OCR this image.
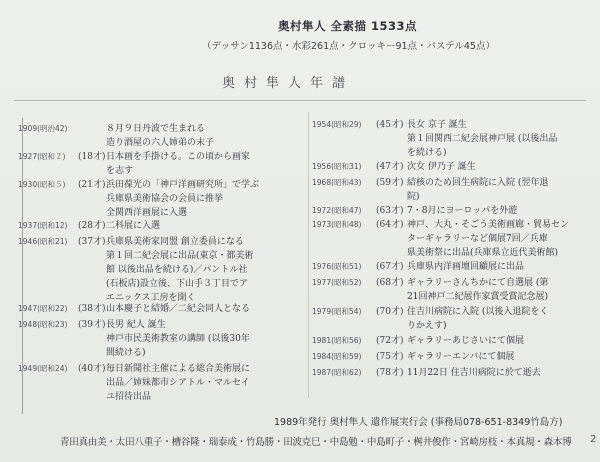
奥村隼人 全素描 1533点
（デッサン1136点・水彩261点・クロッキー91点・パステル45点）
奥村隼人年譜
1909(明治42)	８月９日丹波で生まれる
造り酒屋の六人姉弟の末子
1927(昭和２) (18才) 日本画を手掛ける。この頃から画家
を志す
1930(昭和５) (21才) 浜田葆光の「神戸洋画研究所」で学ぶ
兵庫県美術協会の会員に推挙
全関西洋画展に入選
1937(昭和12) (28才) 二科展に入選
1946(昭和21) (37才) 兵庫県美術家同盟 創立委員になる
第１回二紀会展に出品(東京・都美術
館 以後出品を続ける)／パントル社
(石板店)設立後、下山手３丁目でア
エニックス工房を開く
1947(昭和22) (38才) 山本慶子と結婚／二紀会同人となる
1948(昭和23) (39才) 長男 紀人 誕生
神戸市民美術教室の講師 (以後30年
間続ける)
1949(昭和24) (40才) 毎日新聞社主催による総合美術展に
出品／姉妹都市シアトル・マルセイ
ユ招待出品
1954(昭和29) (45才) 長女 京子 誕生
第１回関西二紀会展神戸展 (以後出品
を続ける)
1956(昭和31) (47才) 次女 伊乃子 誕生
1968(昭和43) (59才) 結核のため回生病院に入院 (翌年退
院)
1972(昭和47) (63才) 7・8月にヨーロッパを外遊
1973(昭和48) (64才) 神戸、大丸・そごう美術画廊・貿易セン
ターギャラリーなど個展7回／兵庫
県美術祭に出品(兵庫県立近代美術館)
1976(昭和51) (67才) 兵庫県内洋画壇回顧展に出品
1977(昭和52) (68才) ギャラリーさんちかにて自選展 (第
21回神戸二紀展作家賞受賞記念展)
1979(昭和54) (70才) 住吉川病院に入院 (以後入退院をく
りかえす)
1981(昭和56) (72才) ギャラリーあじさいにて個展
1984(昭和59) (75才) ギャラリーエンバにて個展
1987(昭和62) (78才) 11月22日 住吉川病院に於て逝去
1989年発行 奥村隼人 遺作展実行会 (事務局078-651-8349竹島方)
青田真由美・太田八重子・槽谷隆・瑞泰成・竹島勝・田波克巳・中島勉・中島町子・桝井俊作・宮崎房枝・本真規・森本博 2
